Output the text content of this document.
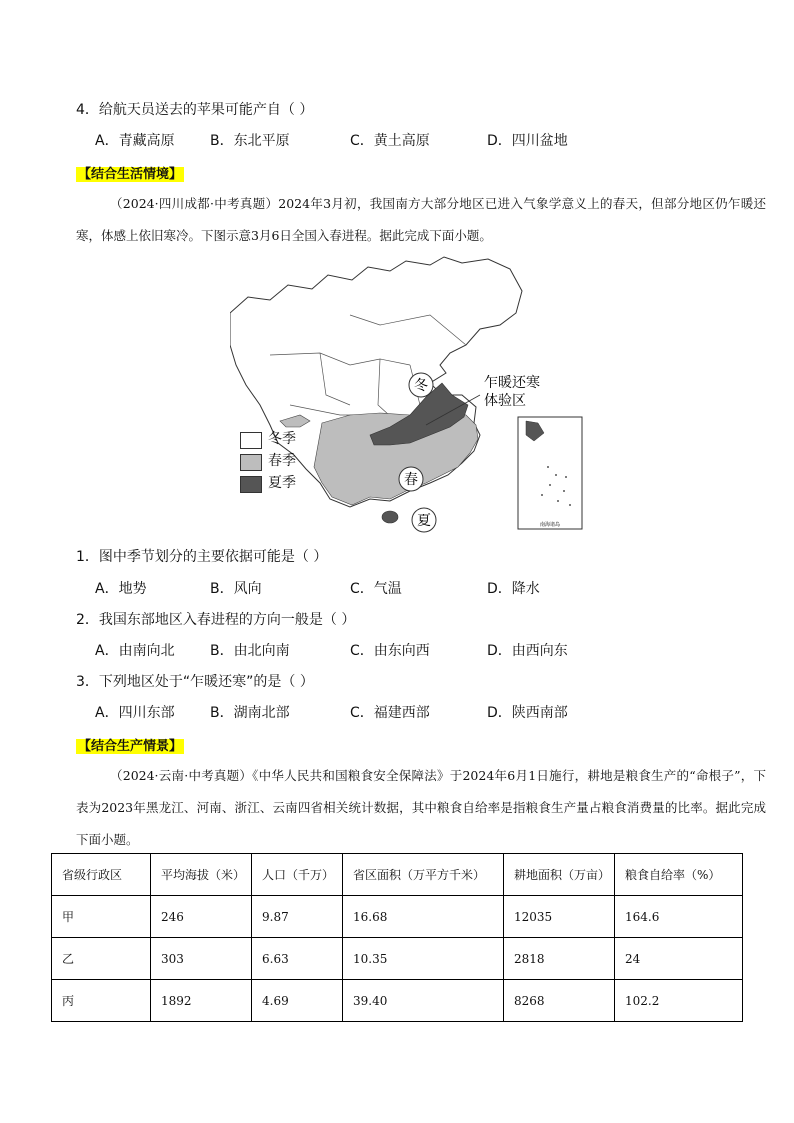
4．给航天员送去的苹果可能产自（ ）
A．青藏高原	B．东北平原	C．黄土高原	D．四川盆地
【结合生活情境】
（2024·四川成都·中考真题）2024年3月初，我国南方大部分地区已进入气象学意义上的春天，但部分地区仍乍暖还寒，体感上依旧寒冷。下图示意3月6日全国入春进程。据此完成下面小题。
冬
春
夏
乍暖还寒
体验区
南海诸岛
冬季
春季
夏季
1．图中季节划分的主要依据可能是（ ）
A．地势	B．风向	C．气温	D．降水
2．我国东部地区入春进程的方向一般是（ ）
A．由南向北	B．由北向南	C．由东向西	D．由西向东
3．下列地区处于“乍暖还寒”的是（ ）
A．四川东部	B．湖南北部	C．福建西部	D．陕西南部
【结合生产情景】
（2024·云南·中考真题）《中华人民共和国粮食安全保障法》于2024年6月1日施行，耕地是粮食生产的“命根子”，下表为2023年黑龙江、河南、浙江、云南四省相关统计数据，其中粮食自给率是指粮食生产量占粮食消费量的比率。据此完成下面小题。
省级行政区	平均海拔（米）	人口（千万）	省区面积（万平方千米）	耕地面积（万亩）	粮食自给率（%）
甲	246	9.87	16.68	12035	164.6
乙	303	6.63	10.35	2818	24
丙	1892	4.69	39.40	8268	102.2
